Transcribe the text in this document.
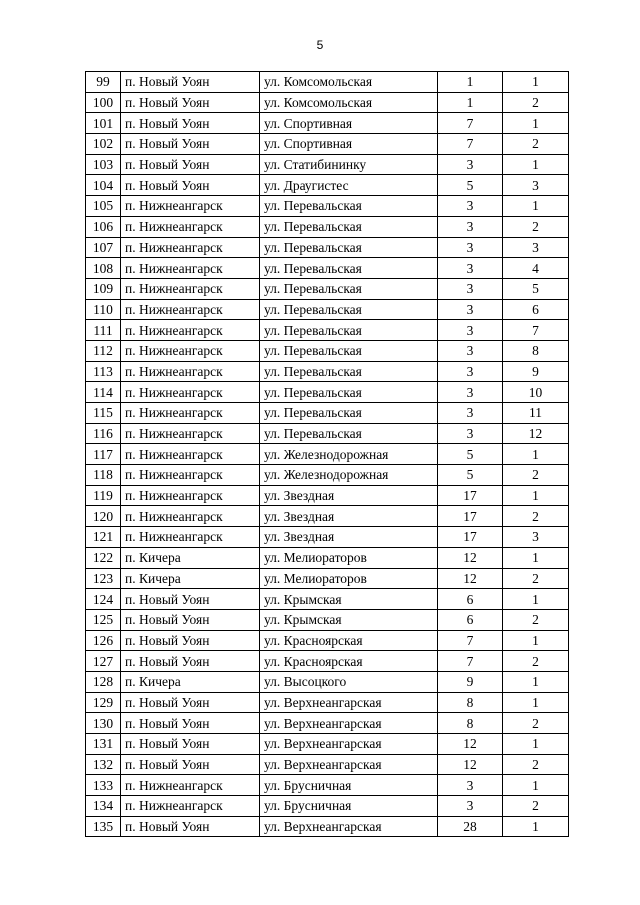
5
99	п. Новый Уоян	ул. Комсомольская	1	1
100	п. Новый Уоян	ул. Комсомольская	1	2
101	п. Новый Уоян	ул. Спортивная	7	1
102	п. Новый Уоян	ул. Спортивная	7	2
103	п. Новый Уоян	ул. Статибининку	3	1
104	п. Новый Уоян	ул. Драугистес	5	3
105	п. Нижнеангарск	ул. Перевальская	3	1
106	п. Нижнеангарск	ул. Перевальская	3	2
107	п. Нижнеангарск	ул. Перевальская	3	3
108	п. Нижнеангарск	ул. Перевальская	3	4
109	п. Нижнеангарск	ул. Перевальская	3	5
110	п. Нижнеангарск	ул. Перевальская	3	6
111	п. Нижнеангарск	ул. Перевальская	3	7
112	п. Нижнеангарск	ул. Перевальская	3	8
113	п. Нижнеангарск	ул. Перевальская	3	9
114	п. Нижнеангарск	ул. Перевальская	3	10
115	п. Нижнеангарск	ул. Перевальская	3	11
116	п. Нижнеангарск	ул. Перевальская	3	12
117	п. Нижнеангарск	ул. Железнодорожная	5	1
118	п. Нижнеангарск	ул. Железнодорожная	5	2
119	п. Нижнеангарск	ул. Звездная	17	1
120	п. Нижнеангарск	ул. Звездная	17	2
121	п. Нижнеангарск	ул. Звездная	17	3
122	п. Кичера	ул. Мелиораторов	12	1
123	п. Кичера	ул. Мелиораторов	12	2
124	п. Новый Уоян	ул. Крымская	6	1
125	п. Новый Уоян	ул. Крымская	6	2
126	п. Новый Уоян	ул. Красноярская	7	1
127	п. Новый Уоян	ул. Красноярская	7	2
128	п. Кичера	ул. Высоцкого	9	1
129	п. Новый Уоян	ул. Верхнеангарская	8	1
130	п. Новый Уоян	ул. Верхнеангарская	8	2
131	п. Новый Уоян	ул. Верхнеангарская	12	1
132	п. Новый Уоян	ул. Верхнеангарская	12	2
133	п. Нижнеангарск	ул. Брусничная	3	1
134	п. Нижнеангарск	ул. Брусничная	3	2
135	п. Новый Уоян	ул. Верхнеангарская	28	1
